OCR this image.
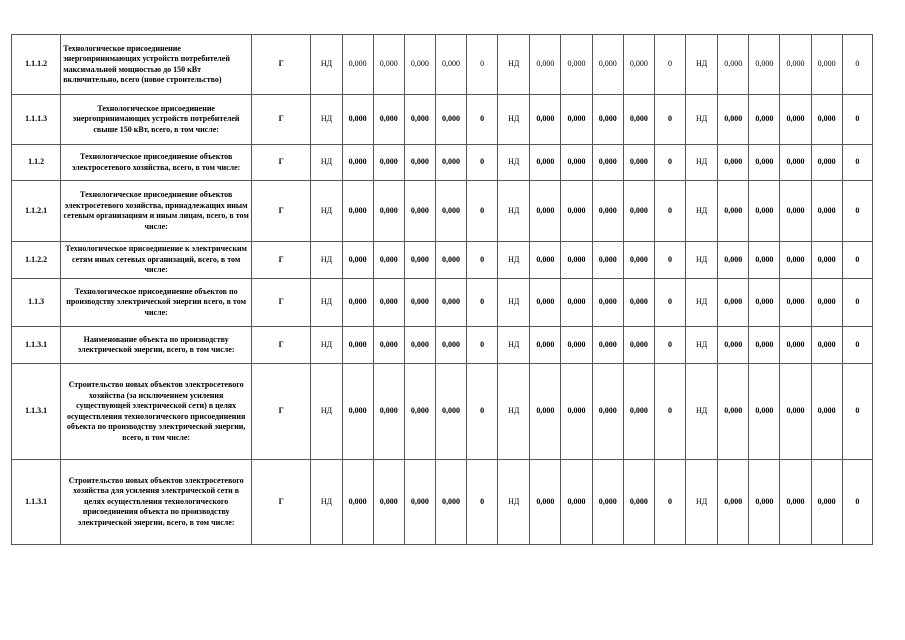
1.1.1.2	Технологическое присоединение энергопринимающих устройств потребителей максимальной мощностью до 150 кВт включительно, всего (новое строительство)	Г	НД	0,000	0,000	0,000	0,000	0	НД	0,000	0,000	0,000	0,000	0	НД	0,000	0,000	0,000	0,000	0
1.1.1.3	Технологическое присоединение энергопринимающих устройств потребителей свыше 150 кВт, всего, в том числе:	Г	НД	0,000	0,000	0,000	0,000	0	НД	0,000	0,000	0,000	0,000	0	НД	0,000	0,000	0,000	0,000	0
1.1.2	Технологическое присоединение объектов электросетевого хозяйства, всего, в том числе:	Г	НД	0,000	0,000	0,000	0,000	0	НД	0,000	0,000	0,000	0,000	0	НД	0,000	0,000	0,000	0,000	0
1.1.2.1	Технологическое присоединение объектов электросетевого хозяйства, принадлежащих иным сетевым организациям и иным лицам, всего, в том числе:	Г	НД	0,000	0,000	0,000	0,000	0	НД	0,000	0,000	0,000	0,000	0	НД	0,000	0,000	0,000	0,000	0
1.1.2.2	Технологическое присоединение к электрическим сетям иных сетевых организаций, всего, в том числе:	Г	НД	0,000	0,000	0,000	0,000	0	НД	0,000	0,000	0,000	0,000	0	НД	0,000	0,000	0,000	0,000	0
1.1.3	Технологическое присоединение объектов по производству электрической энергии всего, в том числе:	Г	НД	0,000	0,000	0,000	0,000	0	НД	0,000	0,000	0,000	0,000	0	НД	0,000	0,000	0,000	0,000	0
1.1.3.1	Наименование объекта по производству электрической энергии, всего, в том числе:	Г	НД	0,000	0,000	0,000	0,000	0	НД	0,000	0,000	0,000	0,000	0	НД	0,000	0,000	0,000	0,000	0
1.1.3.1	Строительство новых объектов электросетевого хозяйства (за исключением усиления существующей электрической сети) в целях осуществления технологического присоединения объекта по производству электрической энергии, всего, в том числе:	Г	НД	0,000	0,000	0,000	0,000	0	НД	0,000	0,000	0,000	0,000	0	НД	0,000	0,000	0,000	0,000	0
1.1.3.1	Строительство новых объектов электросетевого хозяйства для усиления электрической сети в целях осуществления технологического присоединения объекта по производству электрической энергии, всего, в том числе:	Г	НД	0,000	0,000	0,000	0,000	0	НД	0,000	0,000	0,000	0,000	0	НД	0,000	0,000	0,000	0,000	0
